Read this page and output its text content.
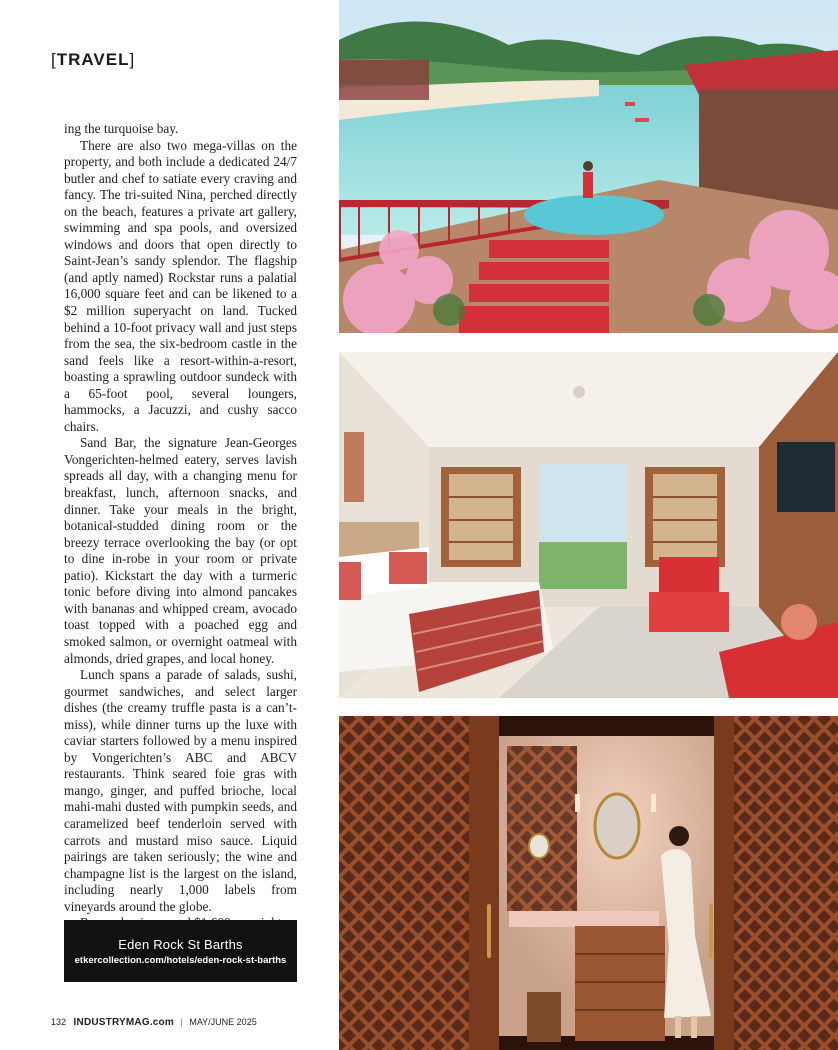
[TRAVEL]

ing the turquoise bay.

There are also two mega-villas on the property, and both include a dedicated 24/7 butler and chef to satiate every craving and fancy. The tri-suited Nina, perched directly on the beach, features a private art gallery, swimming and spa pools, and oversized windows and doors that open directly to Saint-Jean’s sandy splendor. The flagship (and aptly named) Rockstar runs a palatial 16,000 square feet and can be likened to a $2 million superyacht on land. Tucked behind a 10-foot privacy wall and just steps from the sea, the six-bedroom castle in the sand feels like a resort-within-a-resort, boasting a sprawling outdoor sundeck with a 65-foot pool, several loungers, hammocks, a Jacuzzi, and cushy sacco chairs.

Sand Bar, the signature Jean-Georges Vongerichten-helmed eatery, serves lavish spreads all day, with a changing menu for breakfast, lunch, afternoon snacks, and dinner. Take your meals in the bright, botanical-studded dining room or the breezy terrace overlooking the bay (or opt to dine in-robe in your room or private patio). Kickstart the day with a turmeric tonic before diving into almond pancakes with bananas and whipped cream, avocado toast topped with a poached egg and smoked salmon, or overnight oatmeal with almonds, dried grapes, and local honey.

Lunch spans a parade of salads, sushi, gourmet sandwiches, and select larger dishes (the creamy truffle pasta is a can’t-miss), while dinner turns up the luxe with caviar starters followed by a menu inspired by Vongerichten’s ABC and ABCV restaurants. Think seared foie gras with mango, ginger, and puffed brioche, local mahi-mahi dusted with pumpkin seeds, and caramelized beef tenderloin served with carrots and mustard miso sauce. Liquid pairings are taken seriously; the wine and champagne list is the largest on the island, including nearly 1,000 labels from vineyards around the globe.

I

Eden Rock St Barths
etkercollection.com/hotels/eden-rock-st-barths
132 INDUSTRYMAG.com | MAY/JUNE 2025
